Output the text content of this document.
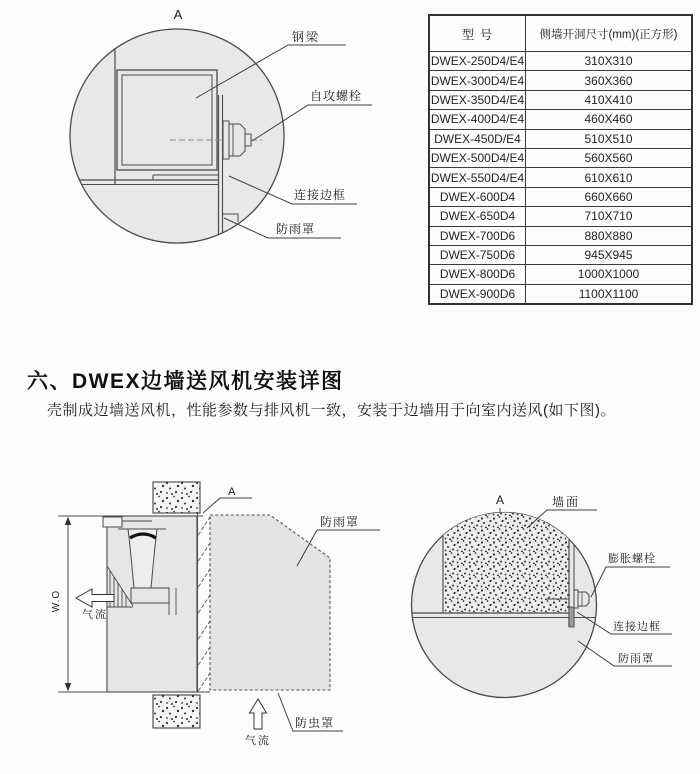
A
钢梁
自攻螺栓
连接边框
防雨罩
型 号	侧墙开洞尺寸(mm)(正方形)
DWEX-250D4/E4	310X310
DWEX-300D4/E4	360X360
DWEX-350D4/E4	410X410
DWEX-400D4/E4	460X460
DWEX-450D/E4	510X510
DWEX-500D4/E4	560X560
DWEX-550D4/E4	610X610
DWEX-600D4	660X660
DWEX-650D4	710X710
DWEX-700D6	880X880
DWEX-750D6	945X945
DWEX-800D6	1000X1000
DWEX-900D6	1100X1100
六、DWEX边墙送风机安装详图
壳制成边墙送风机，性能参数与排风机一致，安装于边墙用于向室内送风(如下图)。
W.O
气流
A
防雨罩
防虫罩
气流
A	墙面
膨胀螺栓
连接边框
防雨罩
